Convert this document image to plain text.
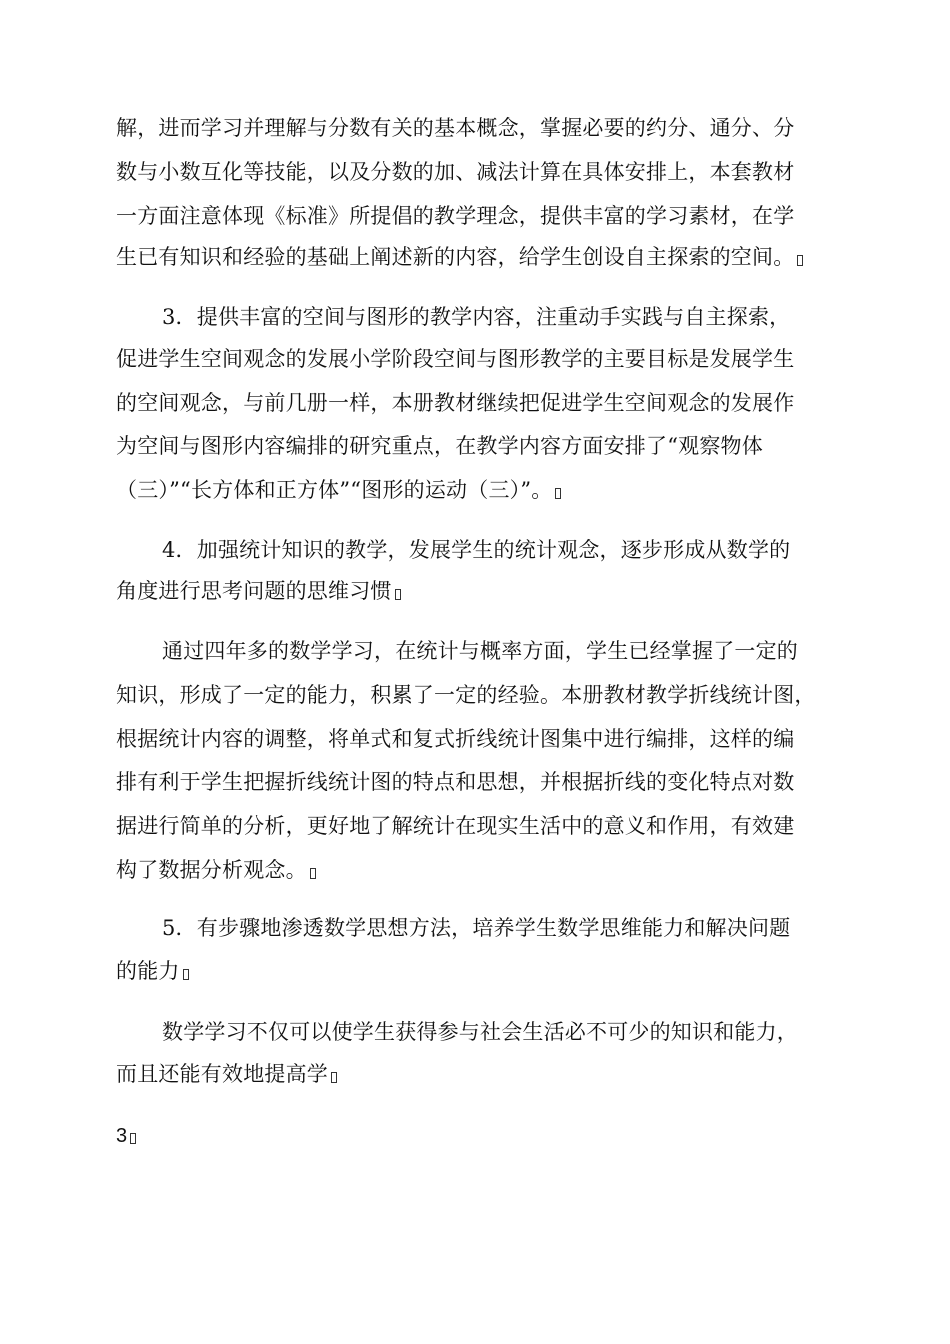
解，进而学习并理解与分数有关的基本概念，掌握必要的约分、通分、分
数与小数互化等技能，以及分数的加、减法计算在具体安排上，本套教材
一方面注意体现《标准》所提倡的教学理念，提供丰富的学习素材，在学
生已有知识和经验的基础上阐述新的内容，给学生创设自主探索的空间。
3．提供丰富的空间与图形的教学内容，注重动手实践与自主探索，
促进学生空间观念的发展小学阶段空间与图形教学的主要目标是发展学生
的空间观念，与前几册一样，本册教材继续把促进学生空间观念的发展作
为空间与图形内容编排的研究重点，在教学内容方面安排了“观察物体
（三）”“长方体和正方体”“图形的运动（三）”。
4．加强统计知识的教学，发展学生的统计观念，逐步形成从数学的
角度进行思考问题的思维习惯
通过四年多的数学学习，在统计与概率方面，学生已经掌握了一定的
知识，形成了一定的能力，积累了一定的经验。本册教材教学折线统计图，
根据统计内容的调整，将单式和复式折线统计图集中进行编排，这样的编
排有利于学生把握折线统计图的特点和思想，并根据折线的变化特点对数
据进行简单的分析，更好地了解统计在现实生活中的意义和作用，有效建
构了数据分析观念。
5．有步骤地渗透数学思想方法，培养学生数学思维能力和解决问题
的能力
数学学习不仅可以使学生获得参与社会生活必不可少的知识和能力，
而且还能有效地提高学
3
